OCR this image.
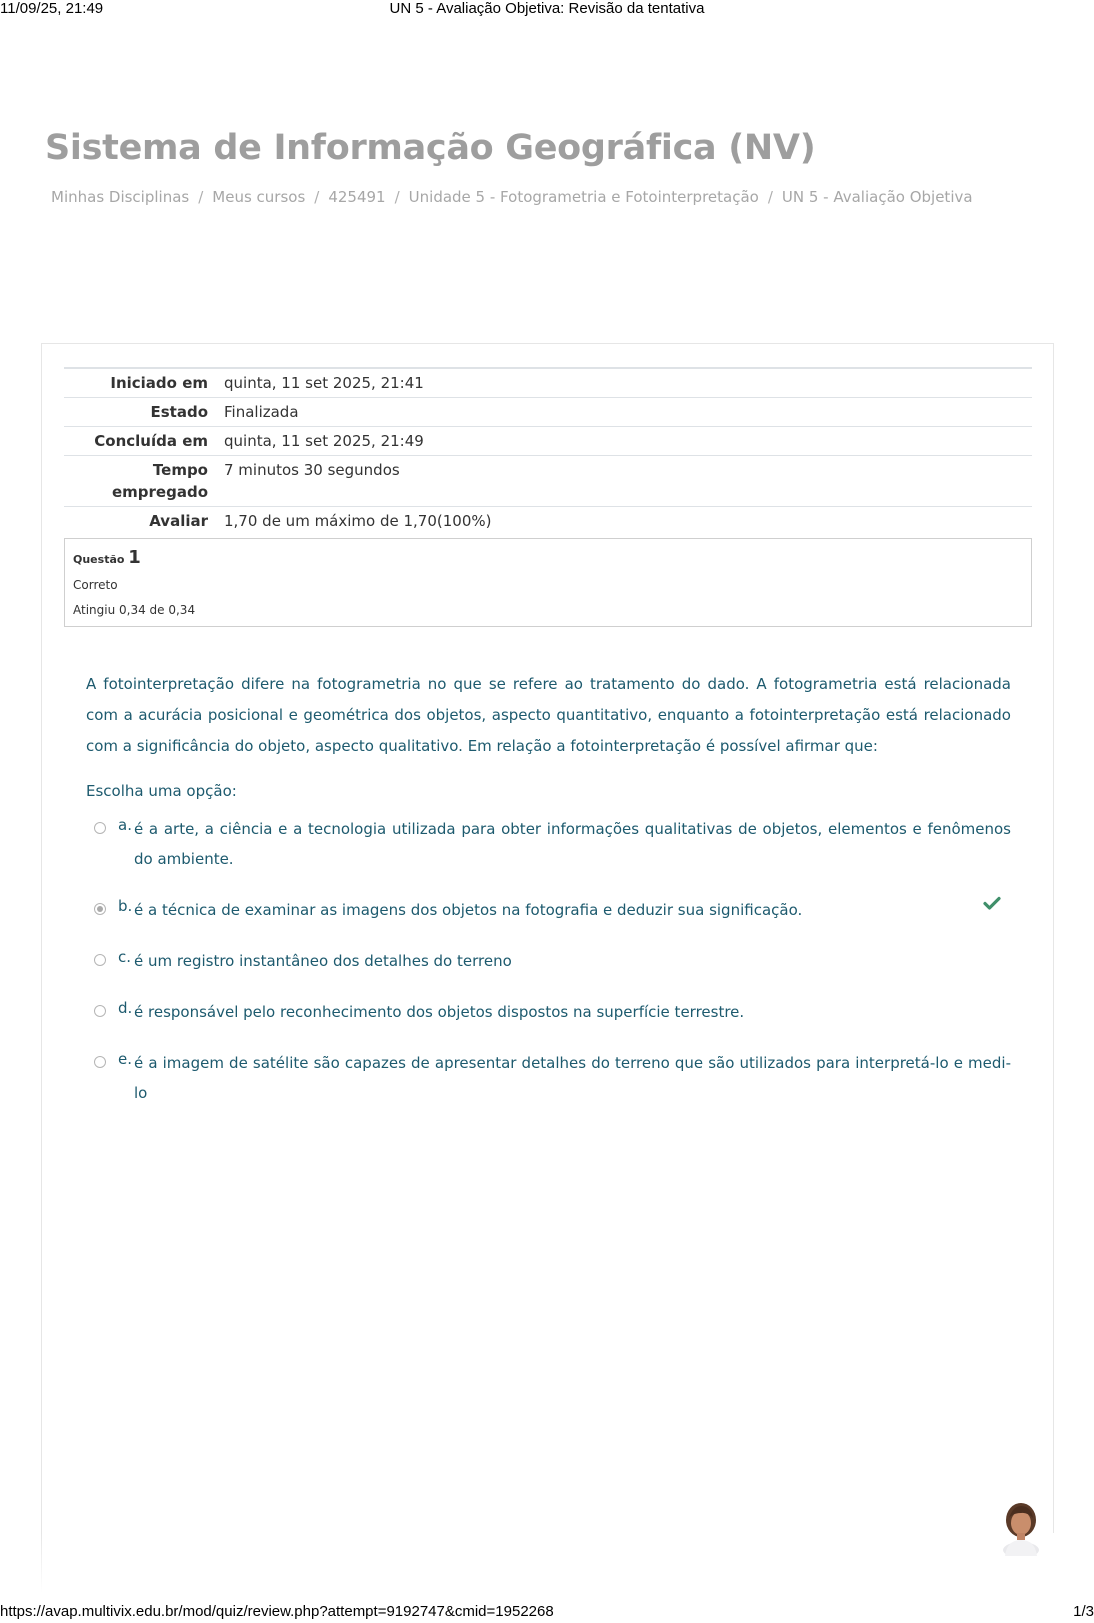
11/09/25, 21:49	UN 5 - Avaliação Objetiva: Revisão da tentativa
Sistema de Informação Geográfica (NV)
Minhas Disciplinas / Meus cursos / 425491 / Unidade 5 - Fotogrametria e Fotointerpretação / UN 5 - Avaliação Objetiva
Iniciado em	quinta, 11 set 2025, 21:41
Estado	Finalizada
Concluída em	quinta, 11 set 2025, 21:49
Tempo empregado	7 minutos 30 segundos
Avaliar	1,70 de um máximo de 1,70(100%)
Questão 1
Correto
Atingiu 0,34 de 0,34
A fotointerpretação difere na fotogrametria no que se refere ao tratamento do dado. A fotogrametria está relacionada com a acurácia posicional e geométrica dos objetos, aspecto quantitativo, enquanto a fotointerpretação está relacionado com a significância do objeto, aspecto qualitativo. Em relação a fotointerpretação é possível afirmar que:
Escolha uma opção:
a. é a arte, a ciência e a tecnologia utilizada para obter informações qualitativas de objetos, elementos e fenômenos do ambiente.
b. é a técnica de examinar as imagens dos objetos na fotografia e deduzir sua significação.
c. é um registro instantâneo dos detalhes do terreno
d. é responsável pelo reconhecimento dos objetos dispostos na superfície terrestre.
e. é a imagem de satélite são capazes de apresentar detalhes do terreno que são utilizados para interpretá-lo e medi-lo
https://avap.multivix.edu.br/mod/quiz/review.php?attempt=9192747&cmid=1952268	1/3
